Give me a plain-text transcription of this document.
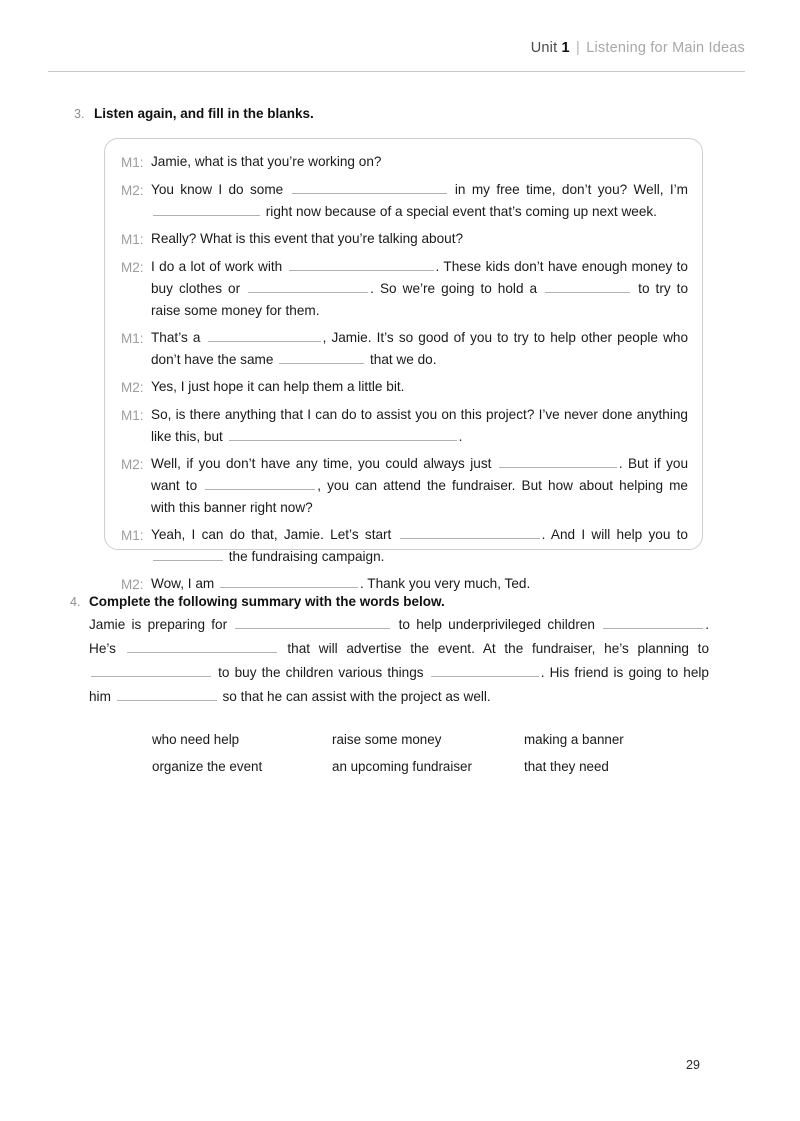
Unit 1 | Listening for Main Ideas
3. Listen again, and fill in the blanks.
M1: Jamie, what is that you’re working on?
M2: You know I do some	in my free time, don’t you? Well, I’m  right now because of a special event that’s coming up next week.
M1: Really? What is this event that you’re talking about?
M2: I do a lot of work with	. These kids don’t have enough money to buy clothes or	. So we’re going to hold a	to try to raise some money for them.
M1: That’s a	, Jamie. It’s so good of you to try to help other people who don’t have the same	that we do.
M2: Yes, I just hope it can help them a little bit.
M1: So, is there anything that I can do to assist you on this project? I’ve never done anything like this, but	.
M2: Well, if you don’t have any time, you could always just	. But if you want to	, you can attend the fundraiser. But how about helping me with this banner right now?
M1: Yeah, I can do that, Jamie. Let’s start	. And I will help you to  the fundraising campaign.
M2: Wow, I am	. Thank you very much, Ted.
4. Complete the following summary with the words below.
Jamie is preparing for	to help underprivileged children	. He’s	that will advertise the event. At the fundraiser, he’s planning to  to buy the children various things	. His friend is going to help him	so that he can assist with the project as well.
who need help	raise some money	making a banner
organize the event	an upcoming fundraiser	that they need
29
